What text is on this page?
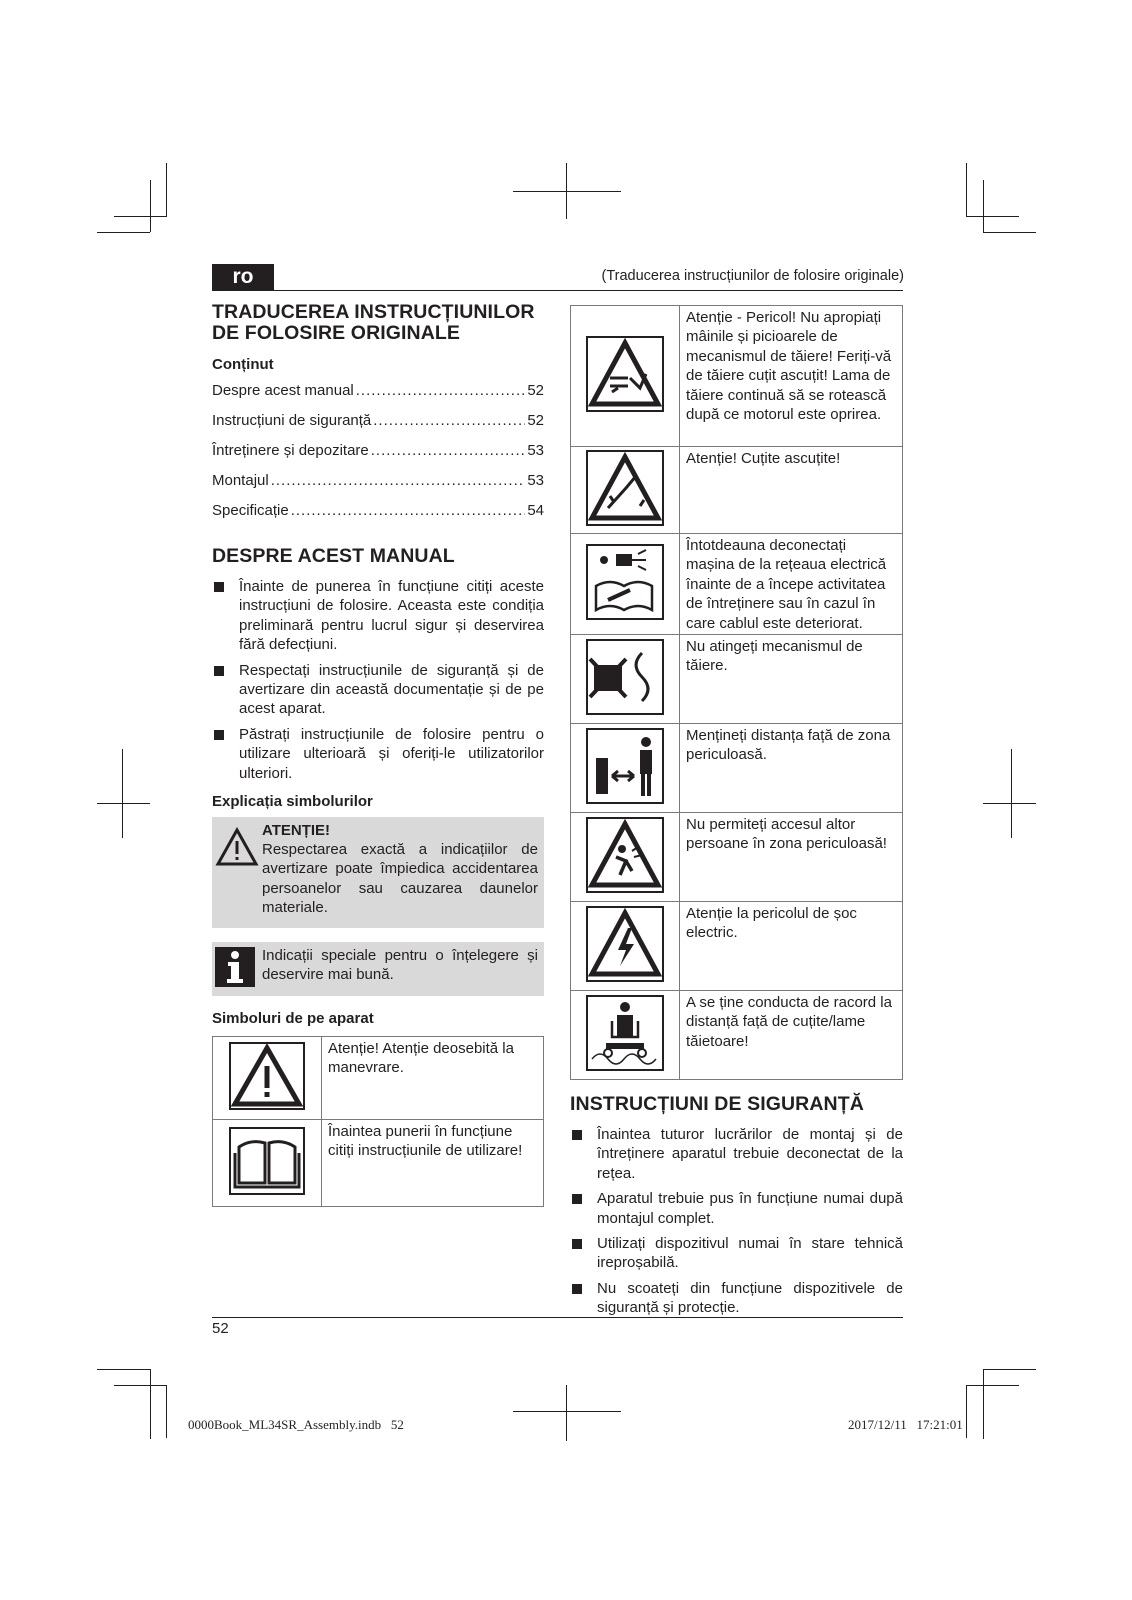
ro	(Traducerea instrucțiunilor de folosire originale)
TRADUCEREA INSTRUCȚIUNILOR
DE FOLOSIRE ORIGINALE
Conținut
Despre acest manual .....	52
Instrucțiuni de siguranță .....	52
Întreținere și depozitare .....	53
Montajul .....	53
Specificație .....	54
DESPRE ACEST MANUAL
Înainte de punerea în funcțiune citiți aceste instrucțiuni de folosire. Aceasta este condiția preliminară pentru lucrul sigur și deservirea fără defecțiuni.
Respectați instrucțiunile de siguranță și de avertizare din această documentație și de pe acest aparat.
Păstrați instrucțiunile de folosire pentru o utilizare ulterioară și oferiți-le utilizatorilor ulteriori.
Explicația simbolurilor
ATENȚIE!
Respectarea exactă a indicațiilor de avertizare poate împiedica accidentarea persoanelor sau cauzarea daunelor materiale.
Indicații speciale pentru o înțelegere și deservire mai bună.
Simboluri de pe aparat
	Atenție! Atenție deosebită la manevrare.
	Înaintea punerii în funcțiune citiți instrucțiunile de utilizare!
	Atenție - Pericol! Nu apropiați mâinile și picioarele de mecanismul de tăiere! Feriți-vă de tăiere cuțit ascuțit! Lama de tăiere continuă să se rotească după ce motorul este oprirea.
	Atenție! Cuțite ascuțite!
	Întotdeauna deconectați mașina de la rețeaua electrică înainte de a începe activitatea de întreținere sau în cazul în care cablul este deteriorat.
	Nu atingeți mecanismul de tăiere.
	Mențineți distanța față de zona periculoasă.
	Nu permiteți accesul altor persoane în zona periculoasă!
	Atenție la pericolul de șoc electric.
	A se ține conducta de racord la distanță față de cuțite/lame tăietoare!
INSTRUCȚIUNI DE SIGURANȚĂ
Înaintea tuturor lucrărilor de montaj și de întreținere aparatul trebuie deconectat de la rețea.
Aparatul trebuie pus în funcțiune numai după montajul complet.
Utilizați dispozitivul numai în stare tehnică ireproșabilă.
Nu scoateți din funcțiune dispozitivele de siguranță și protecție.
52
0000Book_ML34SR_Assembly.indb   52	2017/12/11   17:21:01
